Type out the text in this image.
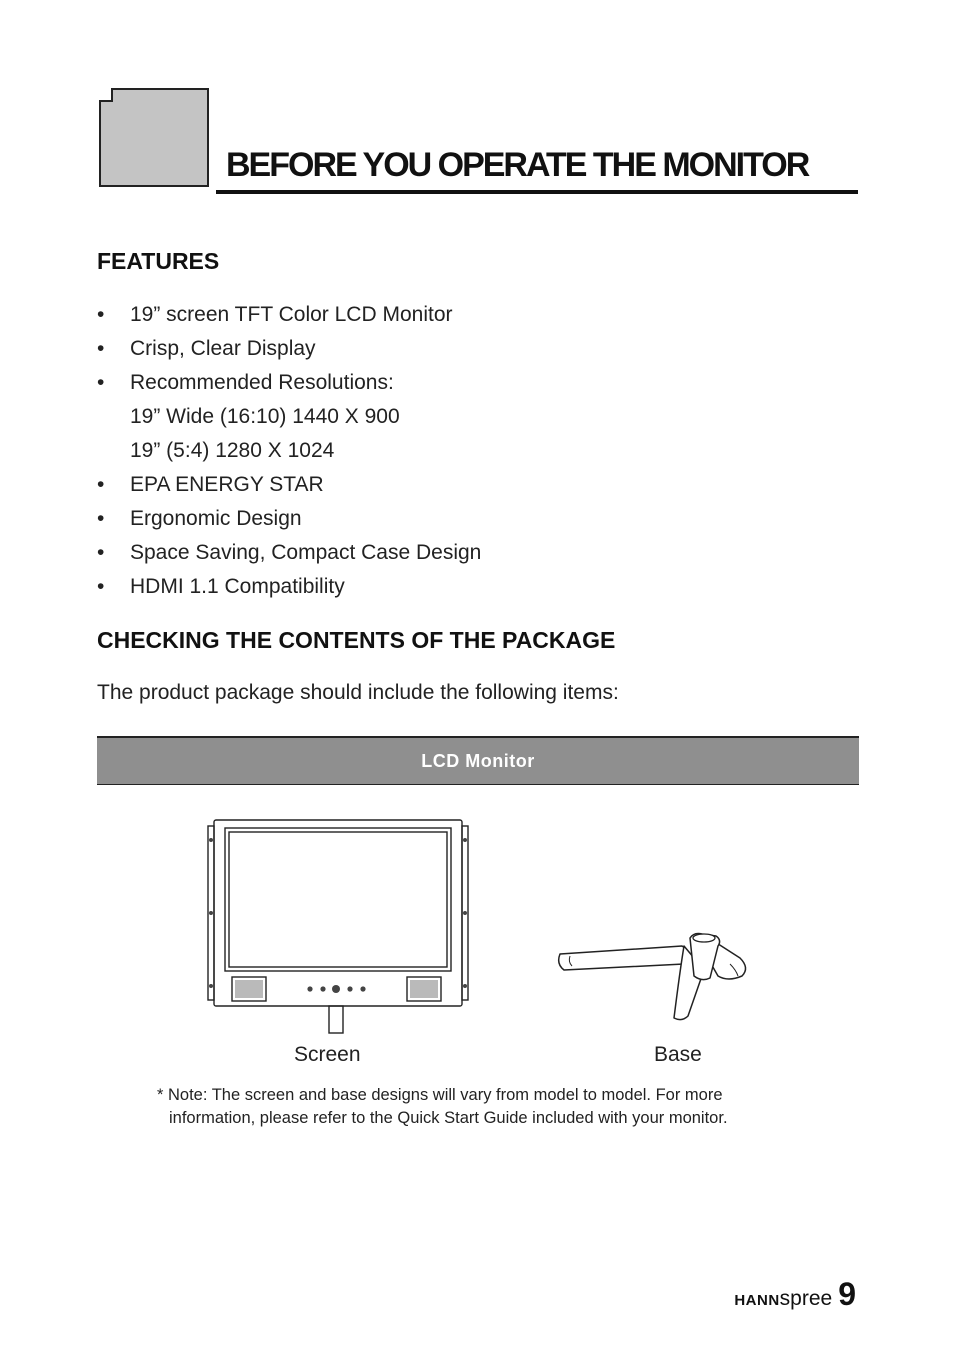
BEFORE YOU OPERATE THE MONITOR
FEATURES
•	19” screen TFT Color LCD Monitor
•	Crisp, Clear Display
•	Recommended Resolutions:
19” Wide (16:10) 1440 X 900
19” (5:4) 1280 X 1024
•	EPA ENERGY STAR
•	Ergonomic Design
•	Space Saving, Compact Case Design
•	HDMI 1.1 Compatibility
CHECKING THE CONTENTS OF THE PACKAGE

The product package should include the following items:

LCD Monitor
Screen	Base
* Note: The screen and base designs will vary from model to model. For more
information, please refer to the Quick Start Guide included with your monitor.
HANN spree 9
